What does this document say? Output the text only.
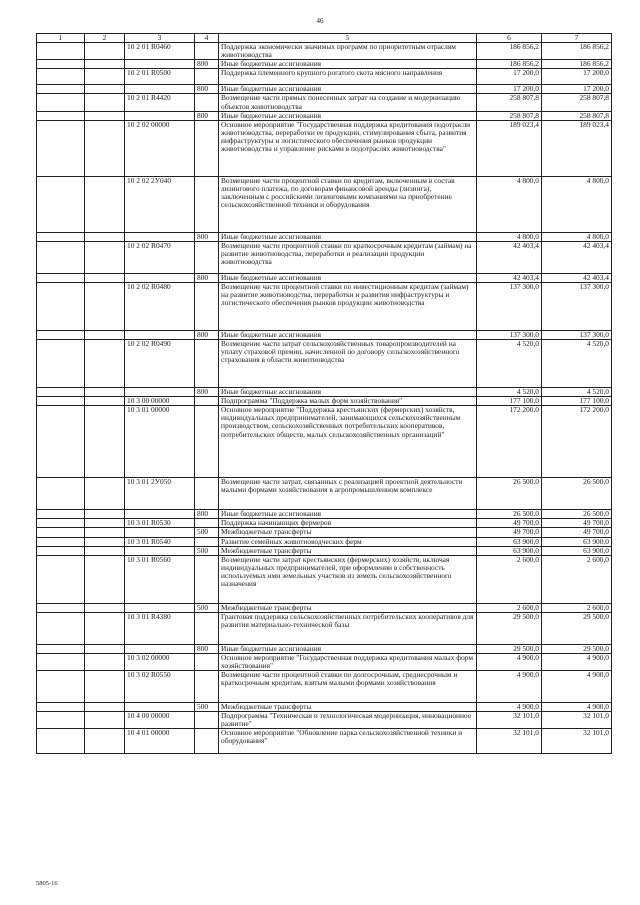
46
1	2	3	4	5	6	7
		10 2 01 R0460		Поддержка экономически значимых программ по приоритетным отраслям животноводства	186 856,2	186 856,2
			800	Иные бюджетные ассигнования	186 856,2	186 856,2
		10 2 01 R0500		Поддержка племенного крупного рогатого скота мясного направления	17 200,0	17 200,0
			800	Иные бюджетные ассигнования	17 200,0	17 200,0
		10 2 01 R4420		Возмещение части прямых понесенных затрат на создание и модернизацию объектов животноводства	258 807,8	258 807,8
			800	Иные бюджетные ассигнования	258 807,8	258 807,8
		10 2 02 00000		Основное мероприятие "Государственная поддержка кредитования подотрасли животноводства, переработки ее продукции, стимулирования сбыта, развития инфраструктуры и логистического обеспечения рынков продукции животноводства и управление рисками в подотраслях животноводства"	189 023,4	189 023,4
		10 2 02 2У040		Возмещение части процентной ставки по кредитам, включенным в состав лизингового платежа, по договорам финансовой аренды (лизинга), заключенным с российскими лизинговыми компаниями на приобретение сельскохозяйственной техники и оборудования	4 800,0	4 800,0
			800	Иные бюджетные ассигнования	4 800,0	4 800,0
		10 2 02 R0470		Возмещение части процентной ставки по краткосрочным кредитам (займам) на развитие животноводства, переработки и реализации продукции животноводства	42 403,4	42 403,4
			800	Иные бюджетные ассигнования	42 403,4	42 403,4
		10 2 02 R0480		Возмещение части процентной ставки по инвестиционным кредитам (займам) на развитие животноводства, переработки и развития инфраструктуры и логистического обеспечения рынков продукции животноводства	137 300,0	137 300,0
			800	Иные бюджетные ассигнования	137 300,0	137 300,0
		10 2 02 R0490		Возмещение части затрат сельскохозяйственных товаропроизводителей на уплату страховой премии, начисленной по договору сельскохозяйственного страхования в области животноводства	4 520,0	4 520,0
			800	Иные бюджетные ассигнования	4 520,0	4 520,0
		10 3 00 00000		Подпрограмма "Поддержка малых форм хозяйствования"	177 100,0	177 100,0
		10 3 01 00000		Основное мероприятие "Поддержка крестьянских (фермерских) хозяйств, индивидуальных предпринимателей, занимающихся сельскохозяйственным производством, сельскохозяйственных потребительских кооперативов, потребительских обществ, малых сельскохозяйственных организаций"	172 200,0	172 200,0
		10 3 01 2У050		Возмещение части затрат, связанных с реализацией проектной деятельности малыми формами хозяйствования в агропромышленном комплексе	26 500,0	26 500,0
			800	Иные бюджетные ассигнования	26 500,0	26 500,0
		10 3 01 R0530		Поддержка начинающих фермеров	49 700,0	49 700,0
			500	Межбюджетные трансферты	49 700,0	49 700,0
		10 3 01 R0540		Развитие семейных животноводческих ферм	63 900,0	63 900,0
			500	Межбюджетные трансферты	63 900,0	63 900,0
		10 3 01 R0560		Возмещение части затрат крестьянских (фермерских) хозяйств, включая индивидуальных предпринимателей, при оформлении в собственность используемых ими земельных участков из земель сельскохозяйственного назначения	2 600,0	2 600,0
			500	Межбюджетные трансферты	2 600,0	2 600,0
		10 3 01 R4380		Грантовая поддержка сельскохозяйственных потребительских кооперативов для развития материально-технической базы	29 500,0	29 500,0
			800	Иные бюджетные ассигнования	29 500,0	29 500,0
		10 3 02 00000		Основное мероприятие "Государственная поддержка кредитования малых форм хозяйствования"	4 900,0	4 900,0
		10 3 02 R0550		Возмещение части процентной ставки по долгосрочным, среднесрочным и краткосрочным кредитам, взятым малыми формами хозяйствования	4 900,0	4 900,0
			500	Межбюджетные трансферты	4 900,0	4 900,0
		10 4 00 00000		Подпрограмма "Техническая и технологическая модернизация, инновационное развитие"	32 101,0	32 101,0
		10 4 01 00000		Основное мероприятие "Обновление парка сельскохозяйственной техники и оборудования"	32 101,0	32 101,0
5805-16
